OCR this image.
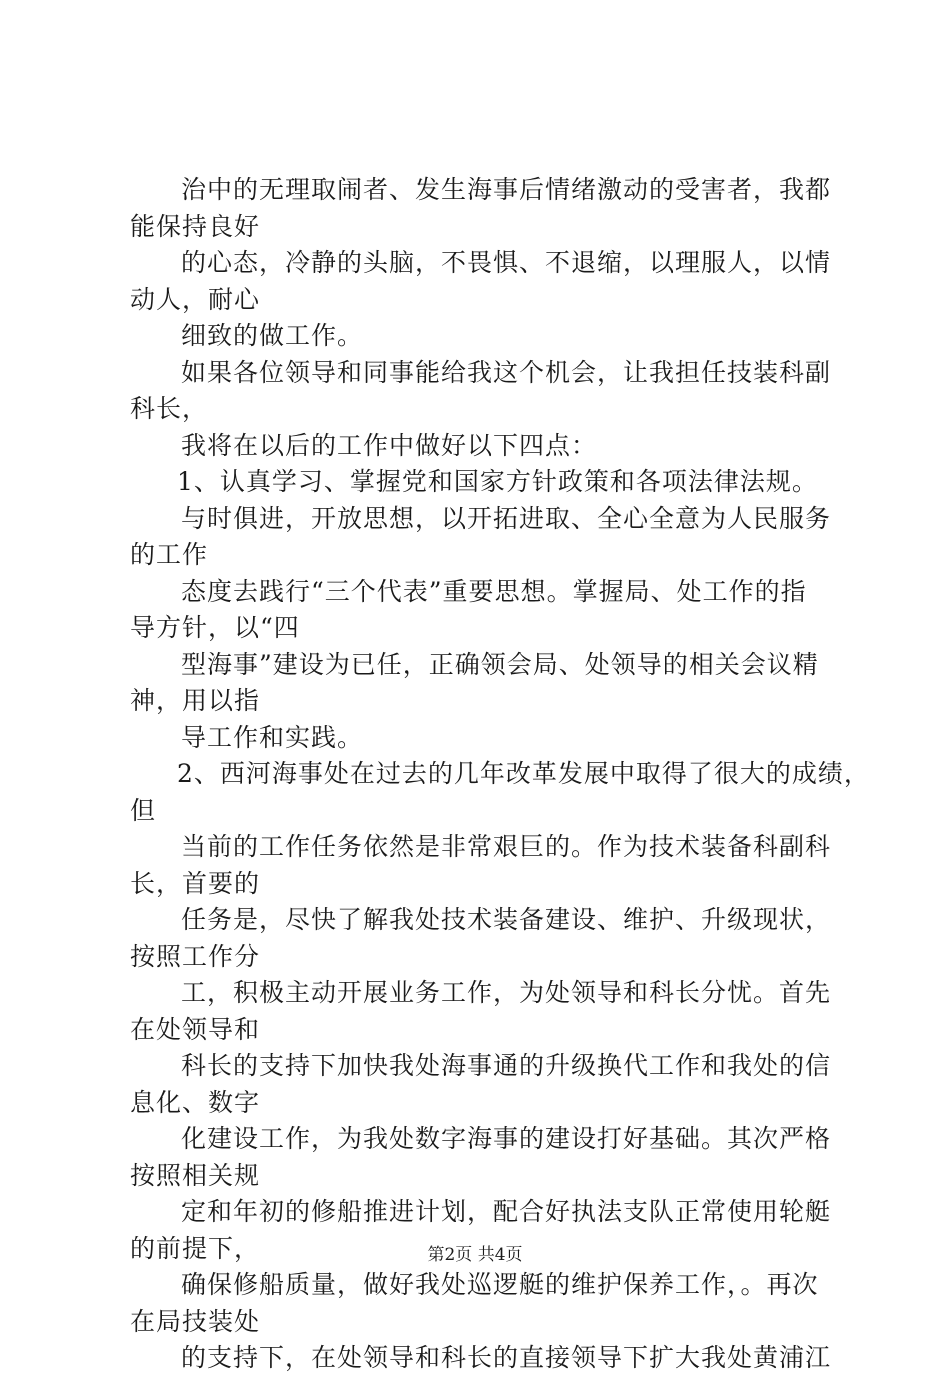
治中的无理取闹者、发生海事后情绪激动的受害者，我都
能保持良好
的心态，冷静的头脑，不畏惧、不退缩，以理服人，以情
动人，耐心
细致的做工作。
如果各位领导和同事能给我这个机会，让我担任技装科副
科长，
我将在以后的工作中做好以下四点：
1、认真学习、掌握党和国家方针政策和各项法律法规。
与时俱进，开放思想，以开拓进取、全心全意为人民服务
的工作
态度去践行“三个代表”重要思想。掌握局、处工作的指
导方针，以“四
型海事”建设为已任，正确领会局、处领导的相关会议精
神，用以指
导工作和实践。
2、西河海事处在过去的几年改革发展中取得了很大的成绩，
但
当前的工作任务依然是非常艰巨的。作为技术装备科副科
长，首要的
任务是，尽快了解我处技术装备建设、维护、升级现状，
按照工作分
工，积极主动开展业务工作，为处领导和科长分忧。首先
在处领导和
科长的支持下加快我处海事通的升级换代工作和我处的信
息化、数字
化建设工作，为我处数字海事的建设打好基础。其次严格
按照相关规
定和年初的修船推进计划，配合好执法支队正常使用轮艇
的前提下，
确保修船质量，做好我处巡逻艇的维护保养工作，。再次
在局技装处
的支持下，在处领导和科长的直接领导下扩大我处黄浦江
第2页 共4页
